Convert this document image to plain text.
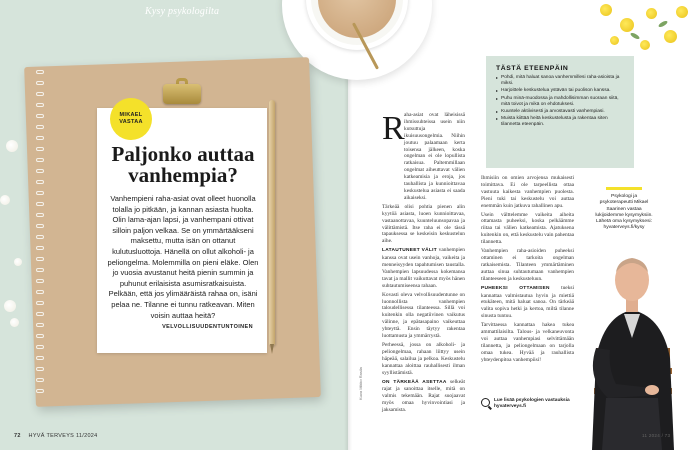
Kysy psykologilta
Paljonko auttaa vanhempia?

Vanhempieni raha-asiat ovat olleet huonolla tolalla jo pitkään, ja kannan asiasta huolta. Olin lama-ajan lapsi, ja vanhempani ottivat silloin paljon velkaa. Se on ymmärtääkseni maksettu, mutta isän on ottanut kulutusluottoja. Hänellä on ollut alkoholi- ja peliongelma. Molemmilla on pieni eläke. Olen jo vuosia avustanut heitä pienin summin ja puhunut erilaisista asumisratkaisuista. Pelkään, että jos ylimääräistä rahaa on, isäni pelaa ne. Tilanne ei tunnu ratkeavan. Miten voisin auttaa heitä?

VELVOLLISUUDENTUNTOINEN

MIKAEL VASTAA
72 HYVÄ TERVEYS 11/2024
Kuva Mikko Rasila
R aha-asiat ovat läheisissä ihmissuhteissa usein niin kutsuttuja ikuisuusongelmia. Niihin joutuu palaamaan kerta toisensa jälkeen, koska ongelman ei ole lopullista ratkaisua. Paltemmillaan ongelmat aiheuttavat välien katkeamisia ja eroja, jos tauhallista ja kunnioittavaa keskustelua asiasta ei saada aikaiseksi.

Tärkeää olisi pohtia pienen alin kyytöä asiasta, luoen kunnioittavaa, vastaanottavaa, kuunteluunsopavaa ja välittämistä. Itse raha ei ole tässä tapauksessa se keskeisin keskustelun aihe.

LATAUTUNEET VÄLIT vanhempien kanssa ovat usein vanhoja, vaikeita ja menneisyyden tapahtumisen taustalla. Vanhempien lapsuudessa kokemansa tavat ja mallit vaikuttavat myös hänen suhtautumiseensa rahaan.

Kovasti oleva velvollisuudentunne on luonnollista vanhempien taloudellisessa tilanteessa. Sillä voi kuitenkin olla negatiivinen vaikutus välinne, ja epätasapaino vaikeuttaa yhteyttä. Ensin täytyy rakentaa luottamusta ja ymmärrystä.

Perheessä, jossa on alkoholi- ja peliongelmaa, rahaan liittyy usein häpeää, salailua ja pelkoa. Keskustelu kannattaa aloittaa rauhallisesti ilman syyllistämistä.

ON TÄRKEÄÄ ASETTAA selkeät rajat ja sanoittaa itselle, mitä on valmis tekemään. Rajat suojaavat myös omaa hyvinvointiasi ja jaksamista.

Ihmisiin on omien arvojensa mukaisesti toimittava. Ei ole tarpeellista ottaa vastuuta kaikesta vanhempien puolesta. Pieni tuki tai keskustelu voi auttaa enemmän kuin jatkuva rahallinen apu.

Usein välttelemme vaikeita aiheita ottamasta puheeksi, koska pelkäämme riitaa tai välien katkeamista. Ajatuksena kuitenkin on, että keskustelu vain pahentaa tilannetta.

Vanhempien raha-asioiden puheeksi ottaminen ei tarkoita ongelman ratkaisemista. Tilanteen ymmärtäminen auttaa sinua suhtautumaan vanhempien tilanteeseen ja keskusteluun.

PUHEEKSI OTTAMISEN tueksi kannattaa valmistautua hyvin ja miettiä etukäteen, mitä haluat sanoa. On tärkeää valita sopiva hetki ja kertoa, miltä tilanne sinusta tuntuu.

Tarvittaessa kannattaa hakea tukea ammattilaisilta. Talous- ja velkaneuvonta voi auttaa vanhempiasi selvittämään tilannetta, ja peliongelmaan on tarjolla omaa tukea. Hyvää ja rauhallista yhteydenpitoa vanhempiisi!

TÄSTÄ ETEENPÄIN
▸ Pohdi, mitä haluat sanoa vanhemmillesi raha-asioista ja miksi.
▸ Harjoittele keskustelua ystävän tai puolison kanssa.
▸ Puhu minä-muodossa ja mahdollisimman suoraan siitä, mitä toivot ja mikä on ehdotuksesi.
▸ Kuuntele aktiivisesti ja arvostavasti vanhempiasi.
▸ Muista kiittää heitä keskustelusta ja rakentaa siten tilannetta eteenpäin.

Psykologi ja psykoterapeutti Mikael Saarinen vastaa lukijoidemme kysymyksiin. Lähetä oma kysymyksesi: hyvaterveys.fi/kysy

Lue lisää psykologien vastauksia hyvaterveys.fi
11 2024 / 73
